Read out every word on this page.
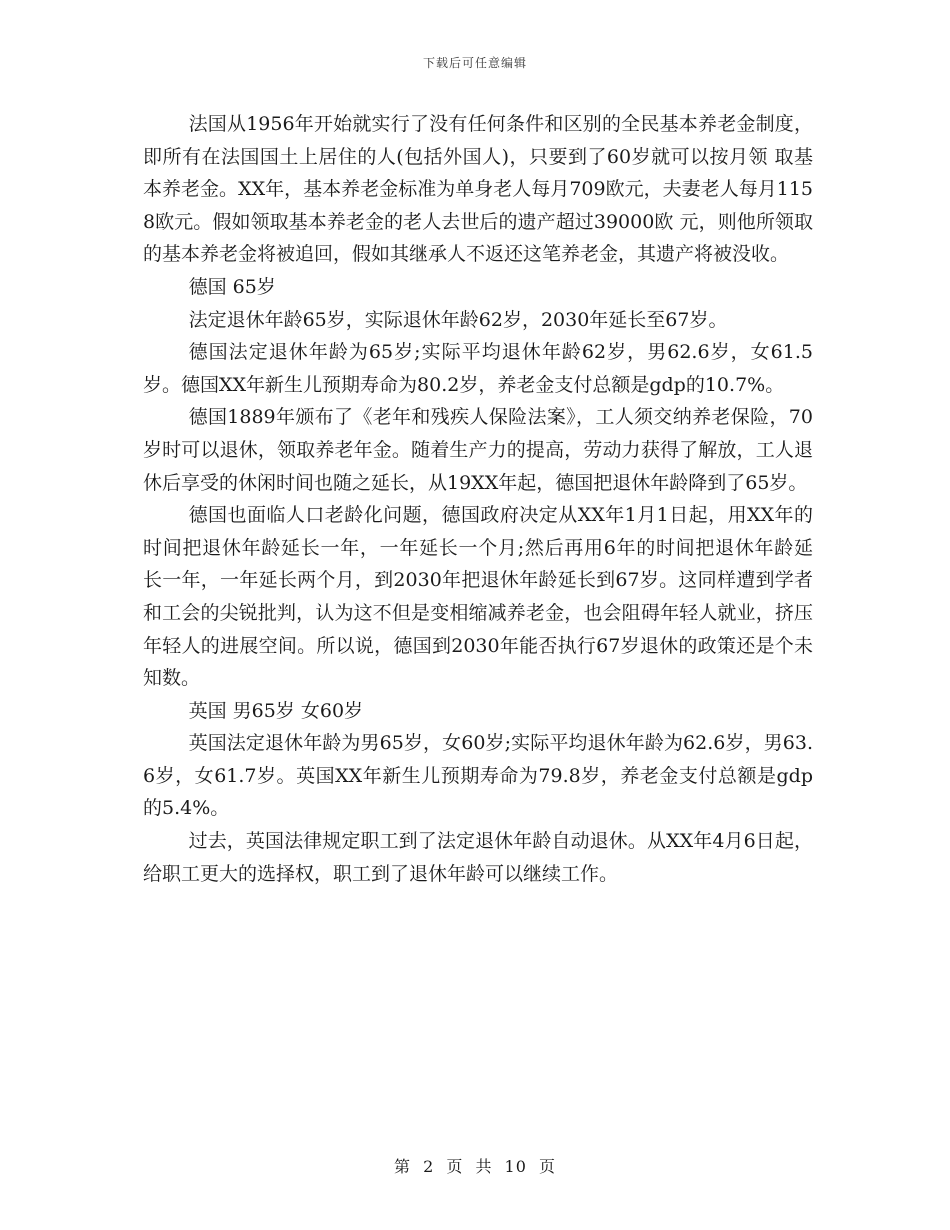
下载后可任意编辑

法国从1956年开始就实行了没有任何条件和区别的全民基本养老金制度，即所有在法国国土上居住的人(包括外国人)，只要到了60岁就可以按月领 取基本养老金。XX年，基本养老金标准为单身老人每月709欧元，夫妻老人每月1158欧元。假如领取基本养老金的老人去世后的遗产超过39000欧 元，则他所领取的基本养老金将被追回，假如其继承人不返还这笔养老金，其遗产将被没收。

德国 65岁

法定退休年龄65岁，实际退休年龄62岁，2030年延长至67岁。

德国法定退休年龄为65岁;实际平均退休年龄62岁，男62.6岁，女61.5岁。德国XX年新生儿预期寿命为80.2岁，养老金支付总额是gdp的10.7%。

德国1889年颁布了《老年和残疾人保险法案》，工人须交纳养老保险，70岁时可以退休，领取养老年金。随着生产力的提高，劳动力获得了解放，工人退休后享受的休闲时间也随之延长，从19XX年起，德国把退休年龄降到了65岁。

德国也面临人口老龄化问题，德国政府决定从XX年1月1日起，用XX年的时间把退休年龄延长一年，一年延长一个月;然后再用6年的时间把退休年龄延 长一年，一年延长两个月，到2030年把退休年龄延长到67岁。这同样遭到学者和工会的尖锐批判，认为这不但是变相缩减养老金，也会阻碍年轻人就业，挤压 年轻人的进展空间。所以说，德国到2030年能否执行67岁退休的政策还是个未知数。

英国 男65岁 女60岁

英国法定退休年龄为男65岁，女60岁;实际平均退休年龄为62.6岁，男63.6岁，女61.7岁。英国XX年新生儿预期寿命为79.8岁，养老金支付总额是gdp的5.4%。

过去，英国法律规定职工到了法定退休年龄自动退休。从XX年4月6日起，给职工更大的选择权，职工到了退休年龄可以继续工作。

第 2 页 共 10 页
